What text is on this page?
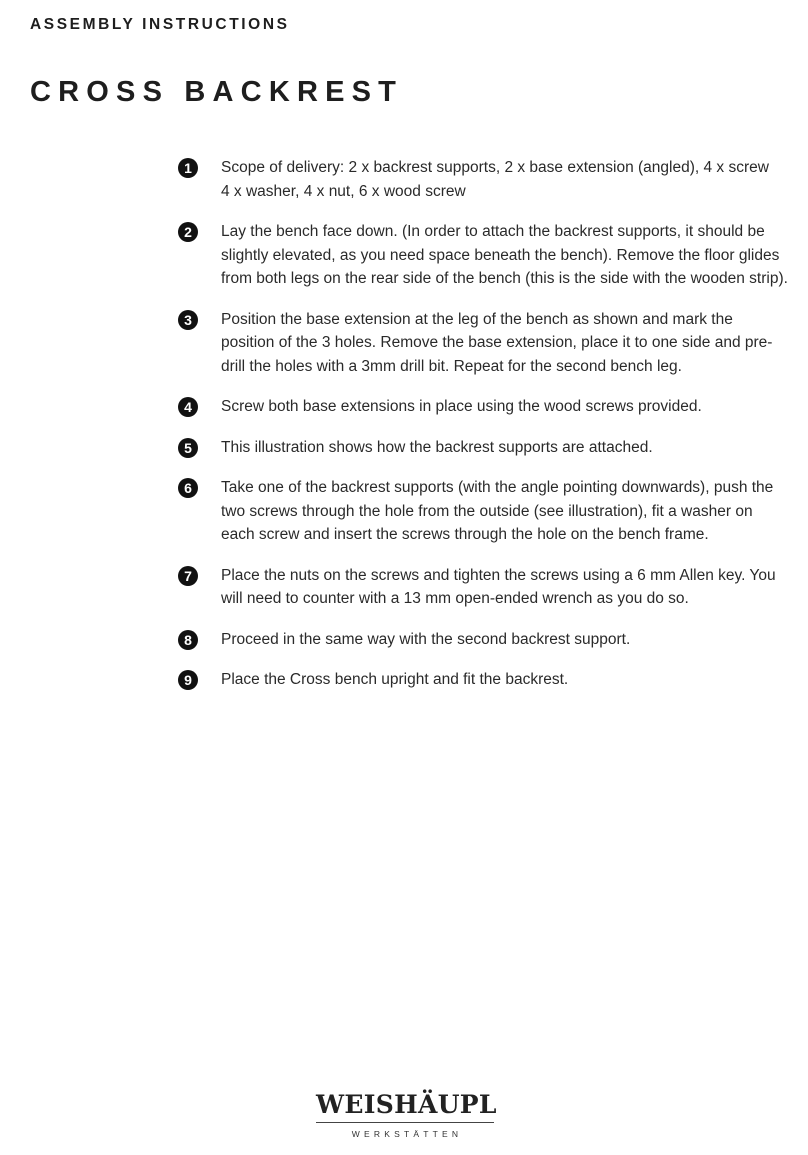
ASSEMBLY INSTRUCTIONS
CROSS BACKREST
1	Scope of delivery: 2 x backrest supports, 2 x base extension (angled), 4 x screw
4 x washer, 4 x nut, 6 x wood screw
2	Lay the bench face down. (In order to attach the backrest supports, it should be slightly elevated, as you need space beneath the bench). Remove the floor glides from both legs on the rear side of the bench (this is the side with the wooden strip).
3	Position the base extension at the leg of the bench as shown and mark the position of the 3 holes. Remove the base extension, place it to one side and pre-drill the holes with a 3mm drill bit. Repeat for the second bench leg.
4	Screw both base extensions in place using the wood screws provided.
5	This illustration shows how the backrest supports are attached.
6	Take one of the backrest supports (with the angle pointing downwards), push the two screws through the hole from the outside (see illustration), fit a washer on each screw and insert the screws through the hole on the bench frame.
7	Place the nuts on the screws and tighten the screws using a 6 mm Allen key. You will need to counter with a 13 mm open-ended wrench as you do so.
8	Proceed in the same way with the second backrest support.
9	Place the Cross bench upright and fit the backrest.
WEISHÄUPL
WERKSTÄTTEN
